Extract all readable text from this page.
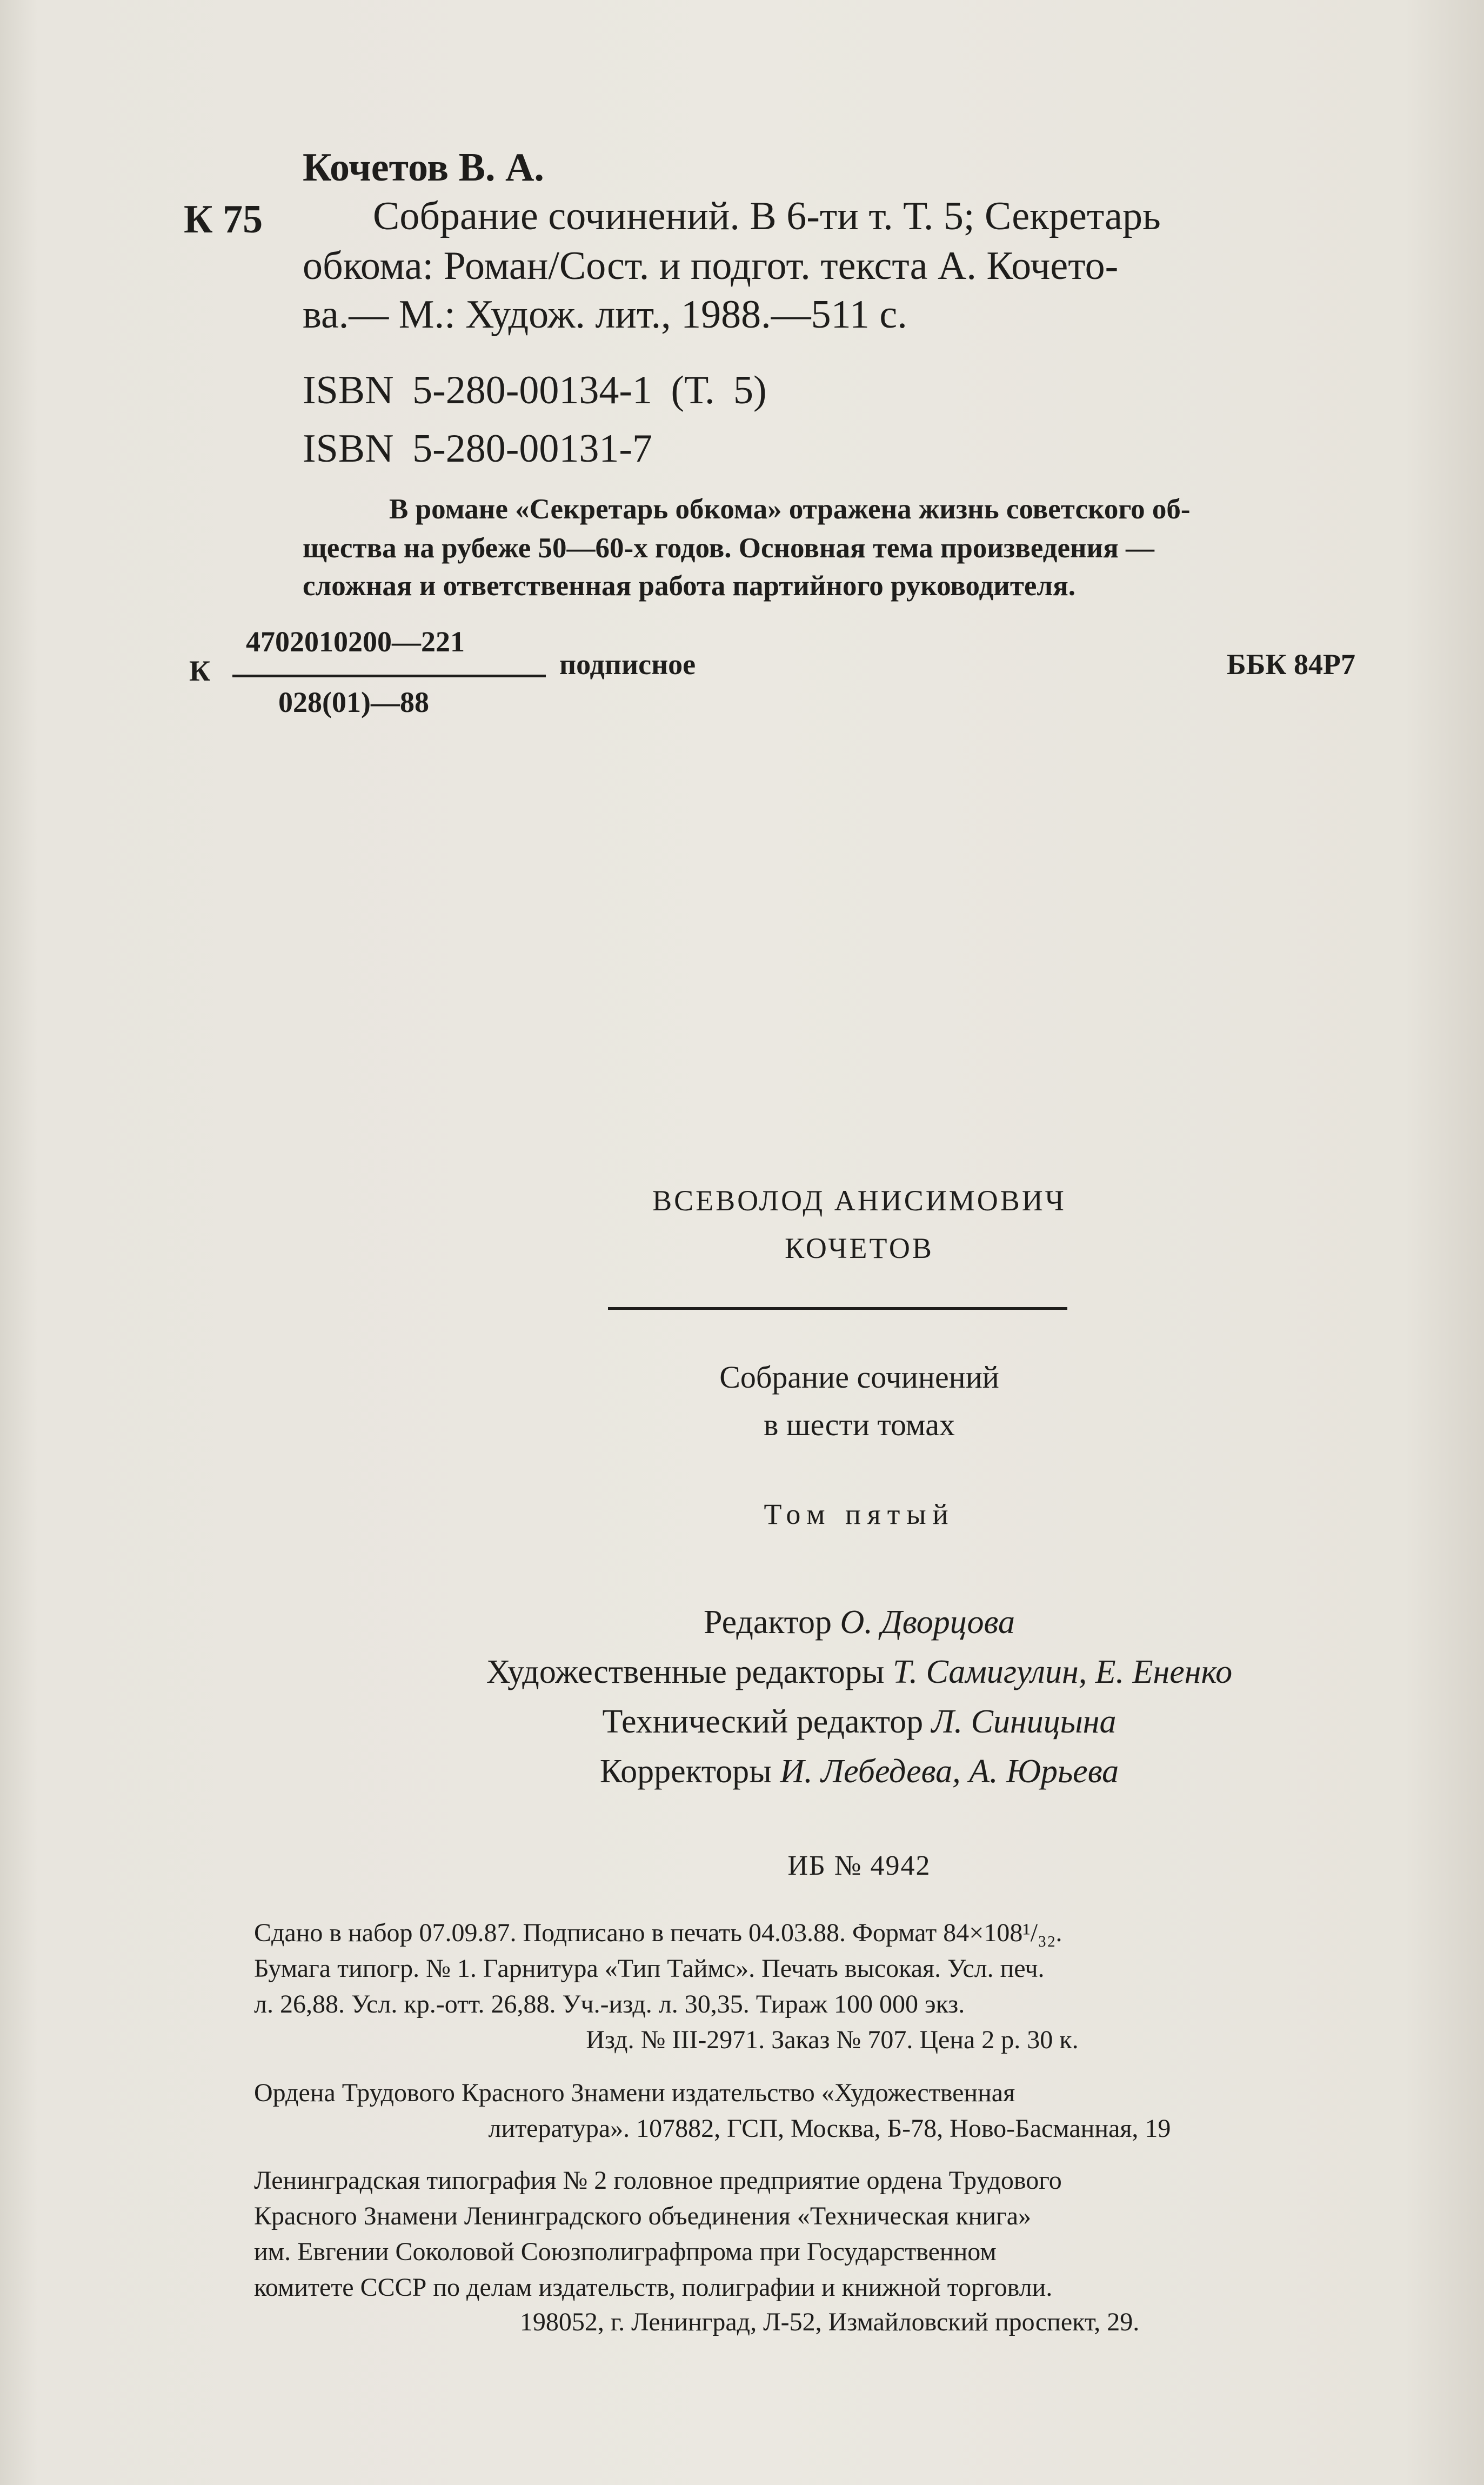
Кочетов В. А.
К 75	Собрание сочинений. В 6-ти т. Т. 5; Секретарь
обкома: Роман/Сост. и подгот. текста А. Кочето-
ва.— М.: Худож. лит., 1988.—511 с.
ISBN 5-280-00134-1 (Т. 5)
ISBN 5-280-00131-7
В романе «Секретарь обкома» отражена жизнь советского об-
щества на рубеже 50—60-х годов. Основная тема произведения —
сложная и ответственная работа партийного руководителя.
К
4702010200—221
028(01)—88
подписное	ББК 84Р7
ВСЕВОЛОД АНИСИМОВИЧ
КОЧЕТОВ
Собрание сочинений
в шести томах
Том пятый
Редактор О. Дворцова
Художественные редакторы Т. Самигулин, Е. Ененко
Технический редактор Л. Синицына
Корректоры И. Лебедева, А. Юрьева
ИБ № 4942
Сдано в набор 07.09.87. Подписано в печать 04.03.88. Формат 84×108¹/₃₂.
Бумага типогр. № 1. Гарнитура «Тип Таймс». Печать высокая. Усл. печ.
л. 26,88. Усл. кр.-отт. 26,88. Уч.-изд. л. 30,35. Тираж 100 000 экз.
Изд. № III-2971. Заказ № 707. Цена 2 р. 30 к.
Ордена Трудового Красного Знамени издательство «Художественная
литература». 107882, ГСП, Москва, Б-78, Ново-Басманная, 19
Ленинградская типография № 2 головное предприятие ордена Трудового
Красного Знамени Ленинградского объединения «Техническая книга»
им. Евгении Соколовой Союзполиграфпрома при Государственном
комитете СССР по делам издательств, полиграфии и книжной торговли.
198052, г. Ленинград, Л-52, Измайловский проспект, 29.
